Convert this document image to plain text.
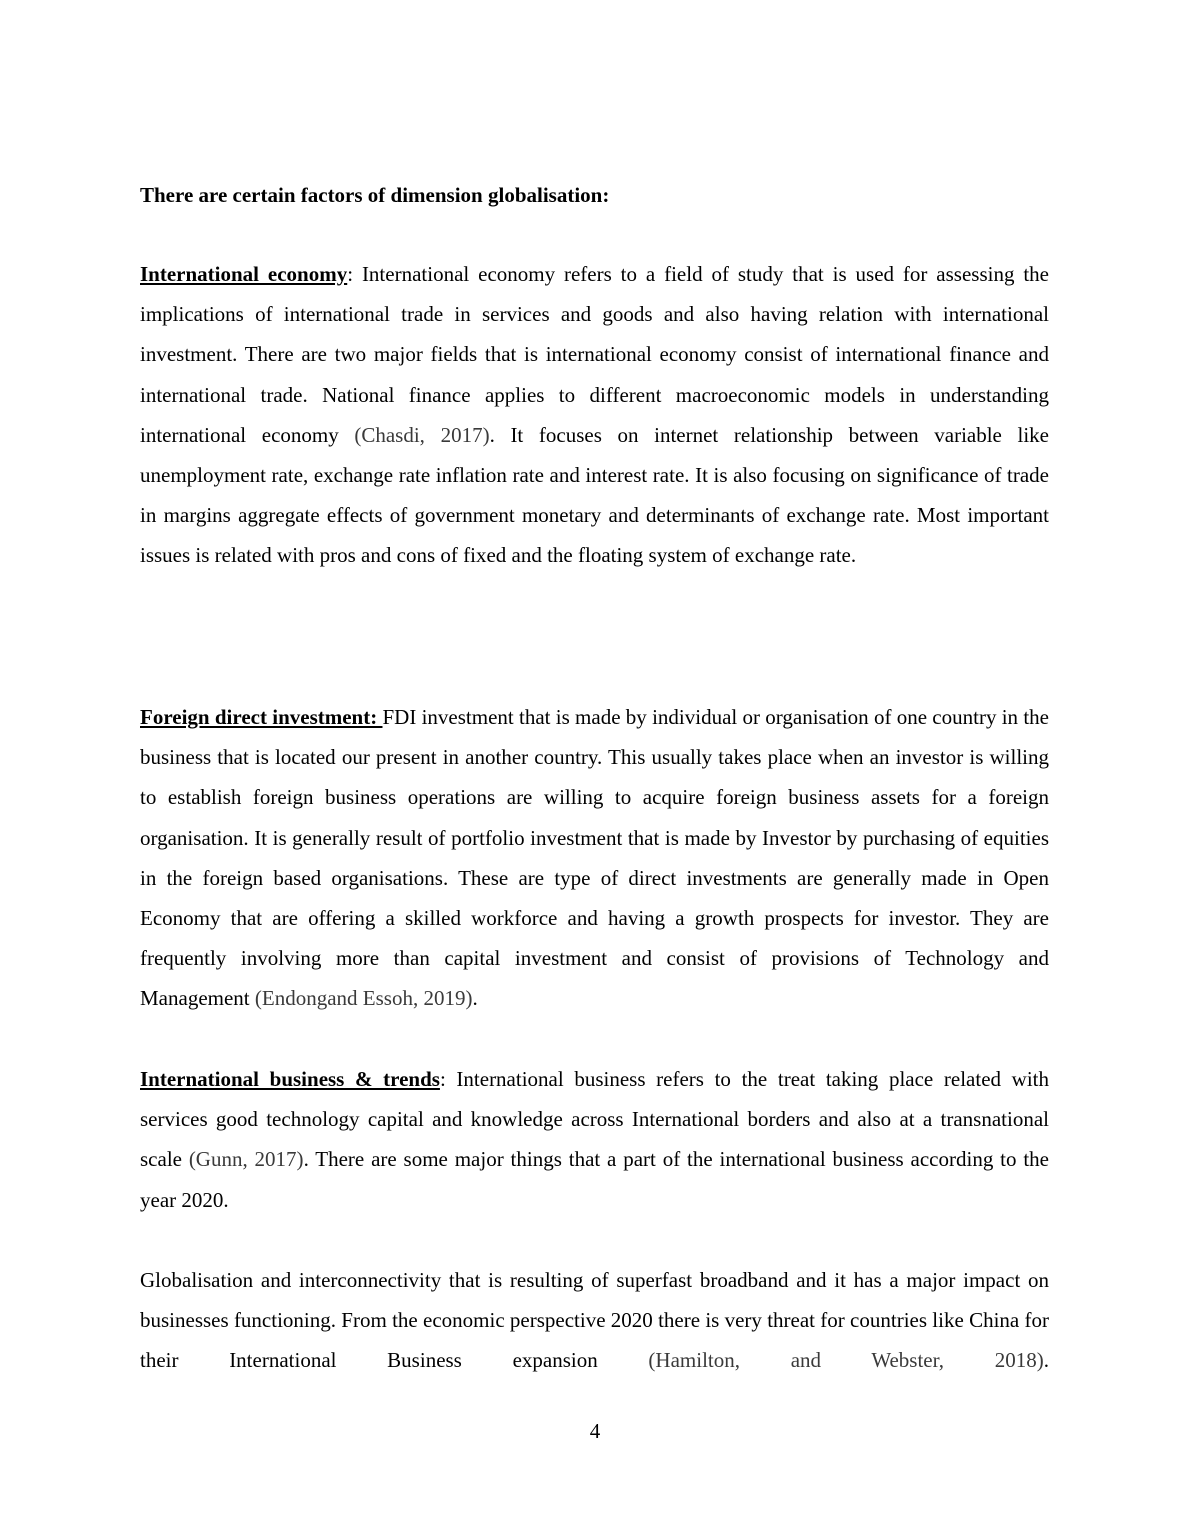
There are certain factors of dimension globalisation:

International economy: International economy refers to a field of study that is used for assessing the implications of international trade in services and goods and also having relation with international investment. There are two major fields that is international economy consist of international finance and international trade. National finance applies to different macroeconomic models in understanding international economy (Chasdi, 2017). It focuses on internet relationship between variable like unemployment rate, exchange rate inflation rate and interest rate. It is also focusing on significance of trade in margins aggregate effects of government monetary and determinants of exchange rate. Most important issues is related with pros and cons of fixed and the floating system of exchange rate.

Foreign direct investment: FDI investment that is made by individual or organisation of one country in the business that is located our present in another country. This usually takes place when an investor is willing to establish foreign business operations are willing to acquire foreign business assets for a foreign organisation. It is generally result of portfolio investment that is made by Investor by purchasing of equities in the foreign based organisations. These are type of direct investments are generally made in Open Economy that are offering a skilled workforce and having a growth prospects for investor. They are frequently involving more than capital investment and consist of provisions of Technology and Management (Endongand Essoh, 2019).

International business & trends: International business refers to the treat taking place related with services good technology capital and knowledge across International borders and also at a transnational scale (Gunn, 2017). There are some major things that a part of the international business according to the year 2020.

Globalisation and interconnectivity that is resulting of superfast broadband and it has a major impact on businesses functioning. From the economic perspective 2020 there is very threat for countries like China for their International Business expansion (Hamilton, and Webster, 2018).

4
